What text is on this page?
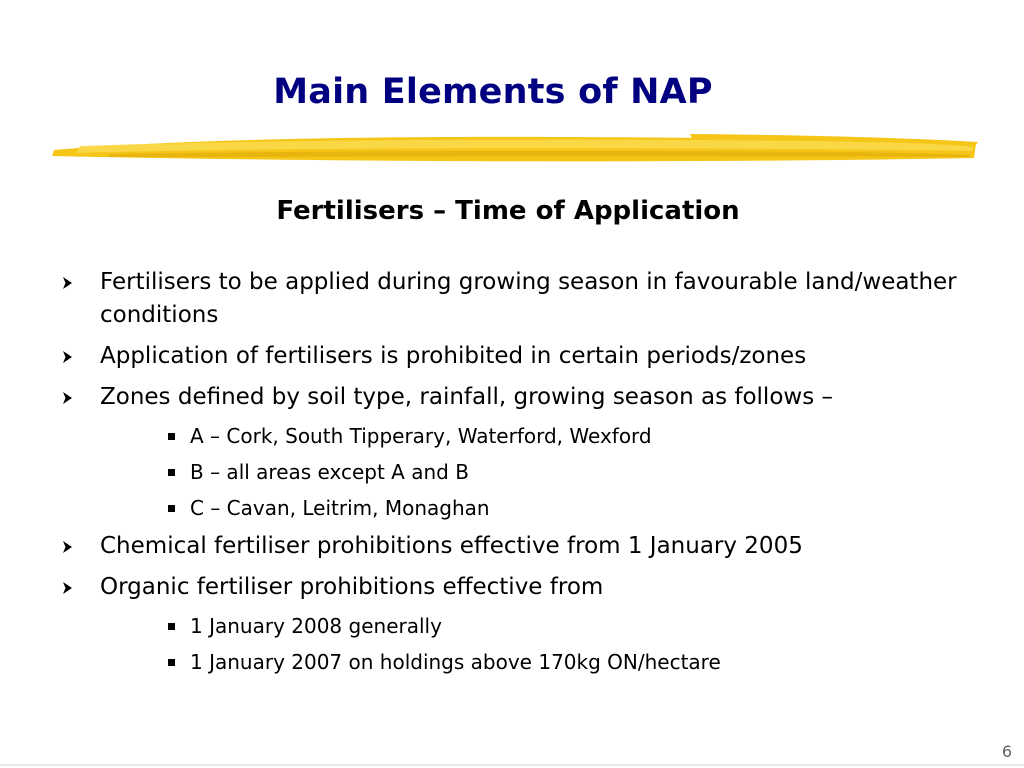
Main Elements of NAP
Fertilisers – Time of Application
Fertilisers to be applied during growing season in favourable land/weather conditions
Application of fertilisers is prohibited in certain periods/zones
Zones defined by soil type, rainfall, growing season as follows –
A – Cork, South Tipperary, Waterford, Wexford
B – all areas except A and B
C – Cavan, Leitrim, Monaghan
Chemical fertiliser prohibitions effective from 1 January 2005
Organic fertiliser prohibitions effective from
1 January 2008 generally
1 January 2007 on holdings above 170kg ON/hectare
6
